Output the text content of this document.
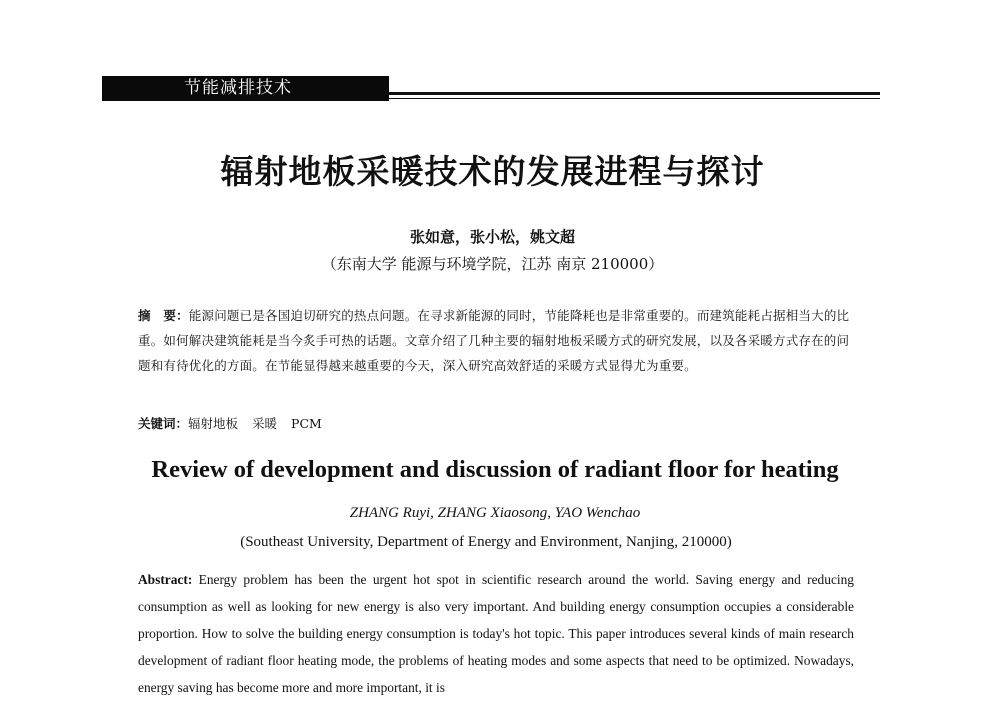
节能减排技术
辐射地板采暖技术的发展进程与探讨
张如意，张小松，姚文超
（东南大学 能源与环境学院，江苏 南京 210000）
摘　要：能源问题已是各国迫切研究的热点问题。在寻求新能源的同时，节能降耗也是非常重要的。而建筑能耗占据相当大的比重。如何解决建筑能耗是当今炙手可热的话题。文章介绍了几种主要的辐射地板采暖方式的研究发展，以及各采暖方式存在的问题和有待优化的方面。在节能显得越来越重要的今天，深入研究高效舒适的采暖方式显得尤为重要。
关键词：辐射地板 采暖 PCM
Review of development and discussion of radiant floor for heating
ZHANG Ruyi, ZHANG Xiaosong, YAO Wenchao
(Southeast University, Department of Energy and Environment, Nanjing, 210000)
Abstract: Energy problem has been the urgent hot spot in scientific research around the world. Saving energy and reducing consumption as well as looking for new energy is also very important. And building energy consumption occupies a considerable proportion. How to solve the building energy consumption is today's hot topic. This paper introduces several kinds of main research development of radiant floor heating mode, the problems of heating modes and some aspects that need to be optimized. Nowadays, energy saving has become more and more important, it is
